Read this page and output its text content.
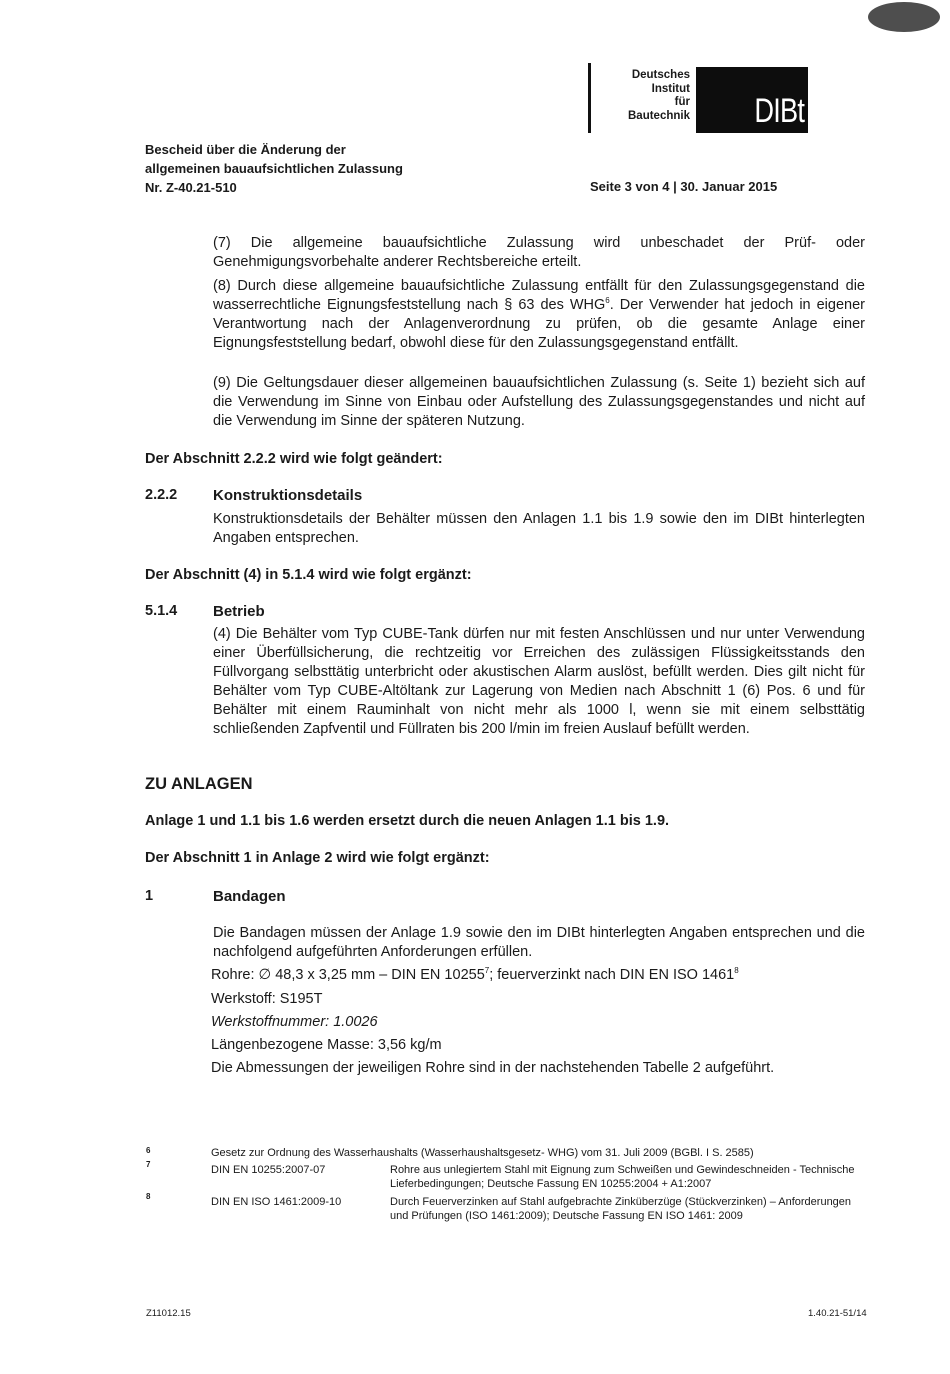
Deutsches
Institut
für
Bautechnik DIBt
Bescheid über die Änderung der
allgemeinen bauaufsichtlichen Zulassung
Nr. Z-40.21-510	Seite 3 von 4 | 30. Januar 2015
(7) Die allgemeine bauaufsichtliche Zulassung wird unbeschadet der Prüf- oder Genehmigungsvorbehalte anderer Rechtsbereiche erteilt.
(8) Durch diese allgemeine bauaufsichtliche Zulassung entfällt für den Zulassungsgegenstand die wasserrechtliche Eignungsfeststellung nach § 63 des WHG$^6$. Der Verwender hat jedoch in eigener Verantwortung nach der Anlagenverordnung zu prüfen, ob die gesamte Anlage einer Eignungsfeststellung bedarf, obwohl diese für den Zulassungsgegenstand entfällt.
(9) Die Geltungsdauer dieser allgemeinen bauaufsichtlichen Zulassung (s. Seite 1) bezieht sich auf die Verwendung im Sinne von Einbau oder Aufstellung des Zulassungsgegenstandes und nicht auf die Verwendung im Sinne der späteren Nutzung.
Der Abschnitt 2.2.2 wird wie folgt geändert:
2.2.2 Konstruktionsdetails
Konstruktionsdetails der Behälter müssen den Anlagen 1.1 bis 1.9 sowie den im DIBt hinterlegten Angaben entsprechen.
Der Abschnitt (4) in 5.1.4 wird wie folgt ergänzt:
5.1.4 Betrieb
(4) Die Behälter vom Typ CUBE-Tank dürfen nur mit festen Anschlüssen und nur unter Verwendung einer Überfüllsicherung, die rechtzeitig vor Erreichen des zulässigen Flüssigkeitsstands den Füllvorgang selbsttätig unterbricht oder akustischen Alarm auslöst, befüllt werden. Dies gilt nicht für Behälter vom Typ CUBE-Altöltank zur Lagerung von Medien nach Abschnitt 1 (6) Pos. 6 und für Behälter mit einem Rauminhalt von nicht mehr als 1000 l, wenn sie mit einem selbsttätig schließenden Zapfventil und Füllraten bis 200 l/min im freien Auslauf befüllt werden.
ZU ANLAGEN
Anlage 1 und 1.1 bis 1.6 werden ersetzt durch die neuen Anlagen 1.1 bis 1.9.
Der Abschnitt 1 in Anlage 2 wird wie folgt ergänzt:
1	Bandagen
Die Bandagen müssen der Anlage 1.9 sowie den im DIBt hinterlegten Angaben entsprechen und die nachfolgend aufgeführten Anforderungen erfüllen.
Rohre: ∅ 48,3 x 3,25 mm – DIN EN 10255$^7$; feuerverzinkt nach DIN EN ISO 1461$^8$
Werkstoff: S195T
Werkstoffnummer: 1.0026
Längenbezogene Masse: 3,56 kg/m
Die Abmessungen der jeweiligen Rohre sind in der nachstehenden Tabelle 2 aufgeführt.
6	Gesetz zur Ordnung des Wasserhaushalts (Wasserhaushaltsgesetz- WHG) vom 31. Juli 2009 (BGBl. I S. 2585)
7	DIN EN 10255:2007-07	Rohre aus unlegiertem Stahl mit Eignung zum Schweißen und Gewindeschneiden - Technische Lieferbedingungen; Deutsche Fassung EN 10255:2004 + A1:2007
8	DIN EN ISO 1461:2009-10	Durch Feuerverzinken auf Stahl aufgebrachte Zinküberzüge (Stückverzinken) – Anforderungen und Prüfungen (ISO 1461:2009); Deutsche Fassung EN ISO 1461: 2009
Z11012.15	1.40.21-51/14
